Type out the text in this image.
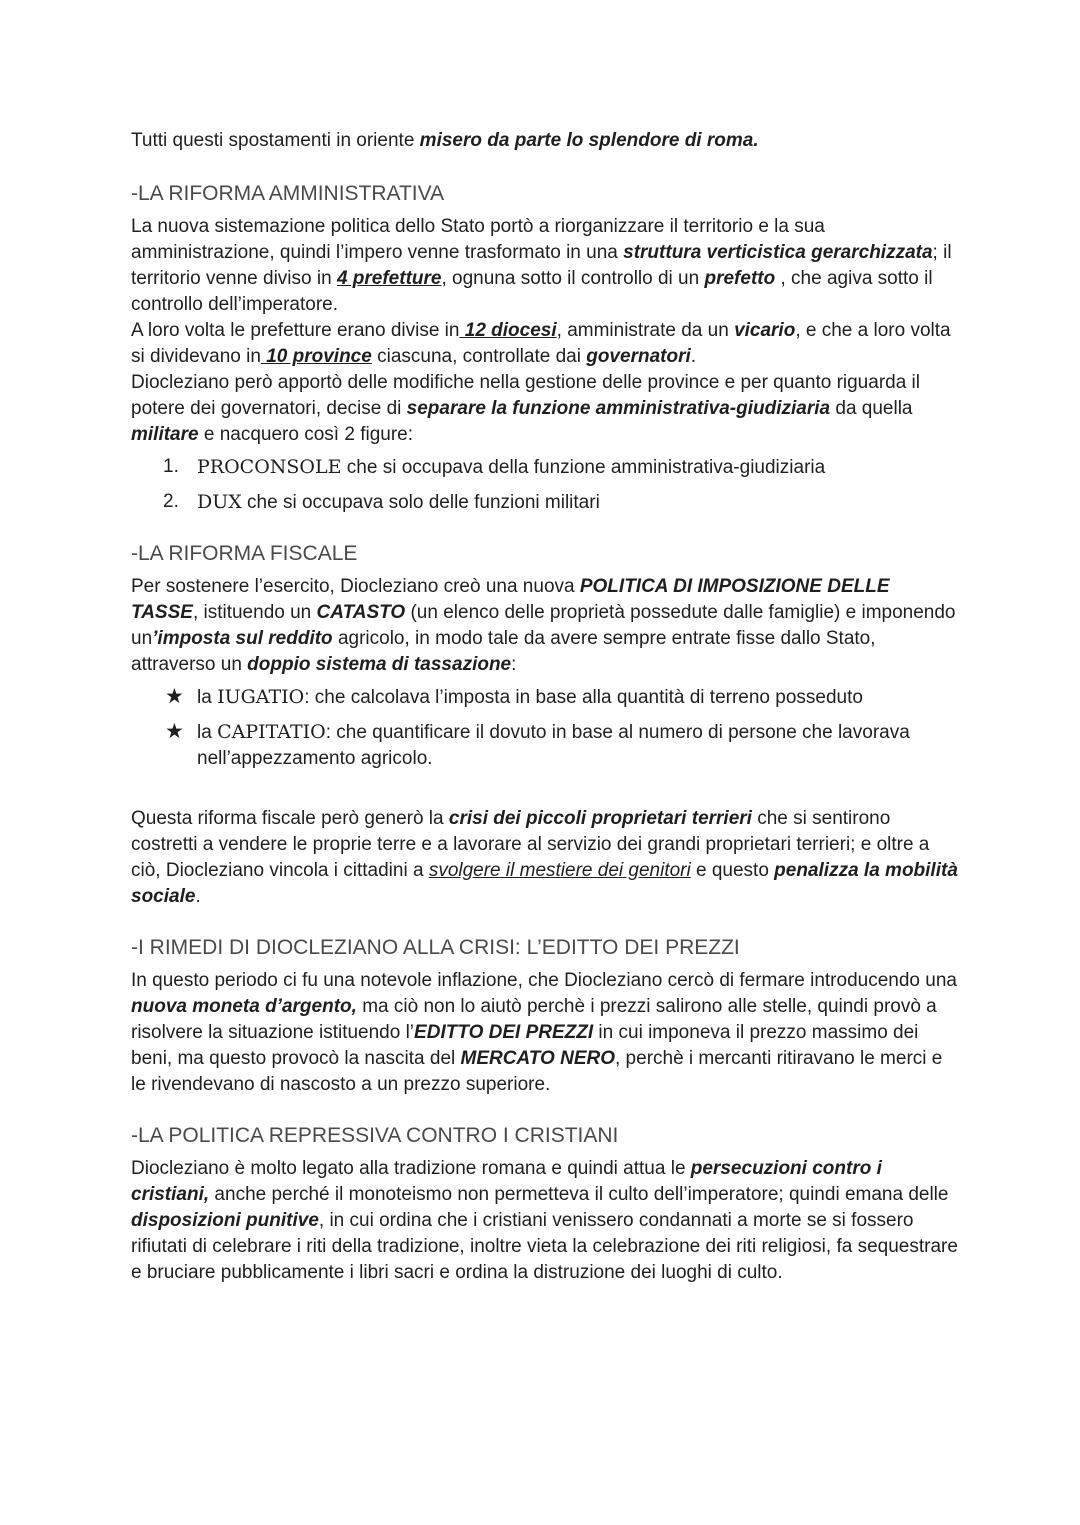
Tutti questi spostamenti in oriente misero da parte lo splendore di roma.

-LA RIFORMA AMMINISTRATIVA

La nuova sistemazione politica dello Stato portò a riorganizzare il territorio e la sua amministrazione, quindi l’impero venne trasformato in una struttura verticistica gerarchizzata; il territorio venne diviso in 4 prefetture, ognuna sotto il controllo di un prefetto , che agiva sotto il controllo dell’imperatore.

A loro volta le prefetture erano divise in 12 diocesi, amministrate da un vicario, e che a loro volta si dividevano in 10 province ciascuna, controllate dai governatori.

Diocleziano però apportò delle modifiche nella gestione delle province e per quanto riguarda il potere dei governatori, decise di separare la funzione amministrativa-giudiziaria da quella militare e nacquero così 2 figure:

1. PROCONSOLE che si occupava della funzione amministrativa-giudiziaria
2. DUX che si occupava solo delle funzioni militari
-LA RIFORMA FISCALE

Per sostenere l’esercito, Diocleziano creò una nuova POLITICA DI IMPOSIZIONE DELLE TASSE, istituendo un CATASTO (un elenco delle proprietà possedute dalle famiglie) e imponendo un’imposta sul reddito agricolo, in modo tale da avere sempre entrate fisse dallo Stato, attraverso un doppio sistema di tassazione:

★ la IUGATIO: che calcolava l’imposta in base alla quantità di terreno posseduto
★ la CAPITATIO: che quantificare il dovuto in base al numero di persone che lavorava nell’appezzamento agricolo.

Questa riforma fiscale però generò la crisi dei piccoli proprietari terrieri che si sentirono costretti a vendere le proprie terre e a lavorare al servizio dei grandi proprietari terrieri; e oltre a ciò, Diocleziano vincola i cittadini a svolgere il mestiere dei genitori e questo penalizza la mobilità sociale.

-I RIMEDI DI DIOCLEZIANO ALLA CRISI: L’EDITTO DEI PREZZI

In questo periodo ci fu una notevole inflazione, che Diocleziano cercò di fermare introducendo una nuova moneta d’argento, ma ciò non lo aiutò perchè i prezzi salirono alle stelle, quindi provò a risolvere la situazione istituendo l’EDITTO DEI PREZZI in cui imponeva il prezzo massimo dei beni, ma questo provocò la nascita del MERCATO NERO, perchè i mercanti ritiravano le merci e le rivendevano di nascosto a un prezzo superiore.

-LA POLITICA REPRESSIVA CONTRO I CRISTIANI

Diocleziano è molto legato alla tradizione romana e quindi attua le persecuzioni contro i cristiani, anche perché il monoteismo non permetteva il culto dell’imperatore; quindi emana delle disposizioni punitive, in cui ordina che i cristiani venissero condannati a morte se si fossero rifiutati di celebrare i riti della tradizione, inoltre vieta la celebrazione dei riti religiosi, fa sequestrare e bruciare pubblicamente i libri sacri e ordina la distruzione dei luoghi di culto.
